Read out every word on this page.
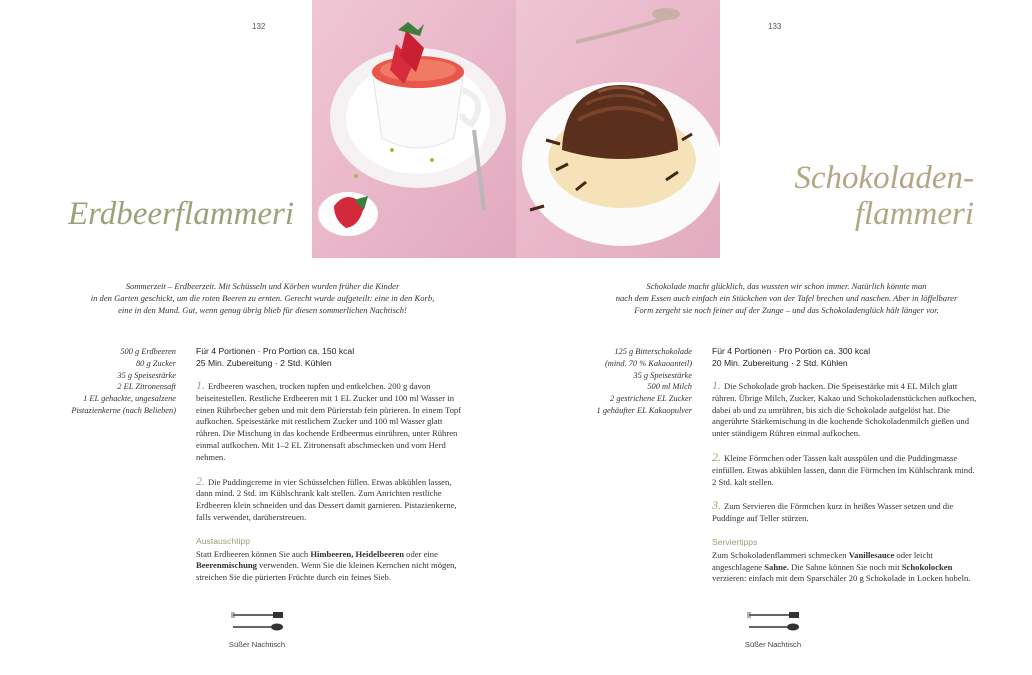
132
Erdbeerflammeri
Sommerzeit – Erdbeerzeit. Mit Schüsseln und Körben wurden früher die Kinder
in den Garten geschickt, um die roten Beeren zu ernten. Gerecht wurde aufgeteilt: eine in den Korb,
eine in den Mund. Gut, wenn genug übrig blieb für diesen sommerlichen Nachtisch!
500 g Erdbeeren
80 g Zucker
35 g Speisestärke
2 EL Zitronensaft
1 EL gehackte, ungesalzene
Pistazienkerne (nach Belieben)
Für 4 Portionen · Pro Portion ca. 150 kcal
25 Min. Zubereitung · 2 Std. Kühlen
1. Erdbeeren waschen, trocken tupfen und entkelchen. 200 g davon beiseitestellen. Restliche Erdbeeren mit 1 EL Zucker und 100 ml Wasser in einen Rührbecher geben und mit dem Pürierstab fein pürieren. In einem Topf aufkochen. Speisestärke mit restlichem Zucker und 100 ml Wasser glatt rühren. Die Mischung in das kochende Erdbeermus einrühren, unter Rühren einmal aufkochen. Mit 1–2 EL Zitronensaft abschmecken und vom Herd nehmen.
2. Die Puddingcreme in vier Schüsselchen füllen. Etwas abkühlen lassen, dann mind. 2 Std. im Kühlschrank kalt stellen. Zum Anrichten restliche Erdbeeren klein schneiden und das Dessert damit garnieren. Pistazienkerne, falls verwendet, darüberstreuen.
Austauschtipp
Statt Erdbeeren können Sie auch Himbeeren, Heidelbeeren oder eine Beerenmischung verwenden. Wenn Sie die kleinen Kernchen nicht mögen, streichen Sie die pürierten Früchte durch ein feines Sieb.
Süßer Nachtisch
133
Schokoladen-
flammeri
Schokolade macht glücklich, das wussten wir schon immer. Natürlich könnte man
nach dem Essen auch einfach ein Stückchen von der Tafel brechen und naschen. Aber in löffelbarer
Form zergeht sie noch feiner auf der Zunge – und das Schokoladenglück hält länger vor.
125 g Bitterschokolade
(mind. 70 % Kakaoanteil)
35 g Speisestärke
500 ml Milch
2 gestrichene EL Zucker
1 gehäufter EL Kakaopulver
Für 4 Portionen · Pro Portion ca. 300 kcal
20 Min. Zubereitung · 2 Std. Kühlen
1. Die Schokolade grob hacken. Die Speisestärke mit 4 EL Milch glatt rühren. Übrige Milch, Zucker, Kakao und Schokoladenstückchen aufkochen, dabei ab und zu umrühren, bis sich die Schokolade aufgelöst hat. Die angerührte Stärkemischung in die kochende Schokoladenmilch gießen und unter ständigem Rühren einmal aufkochen.
2. Kleine Förmchen oder Tassen kalt ausspülen und die Puddingmasse einfüllen. Etwas abkühlen lassen, dann die Förmchen im Kühlschrank mind. 2 Std. kalt stellen.
3. Zum Servieren die Förmchen kurz in heißes Wasser setzen und die Puddinge auf Teller stürzen.
Serviertipps
Zum Schokoladenflammeri schmecken Vanillesauce oder leicht angeschlagene Sahne. Die Sahne können Sie noch mit Schokolocken verzieren: einfach mit dem Sparschäler 20 g Schokolade in Locken hobeln.
Süßer Nachtisch
